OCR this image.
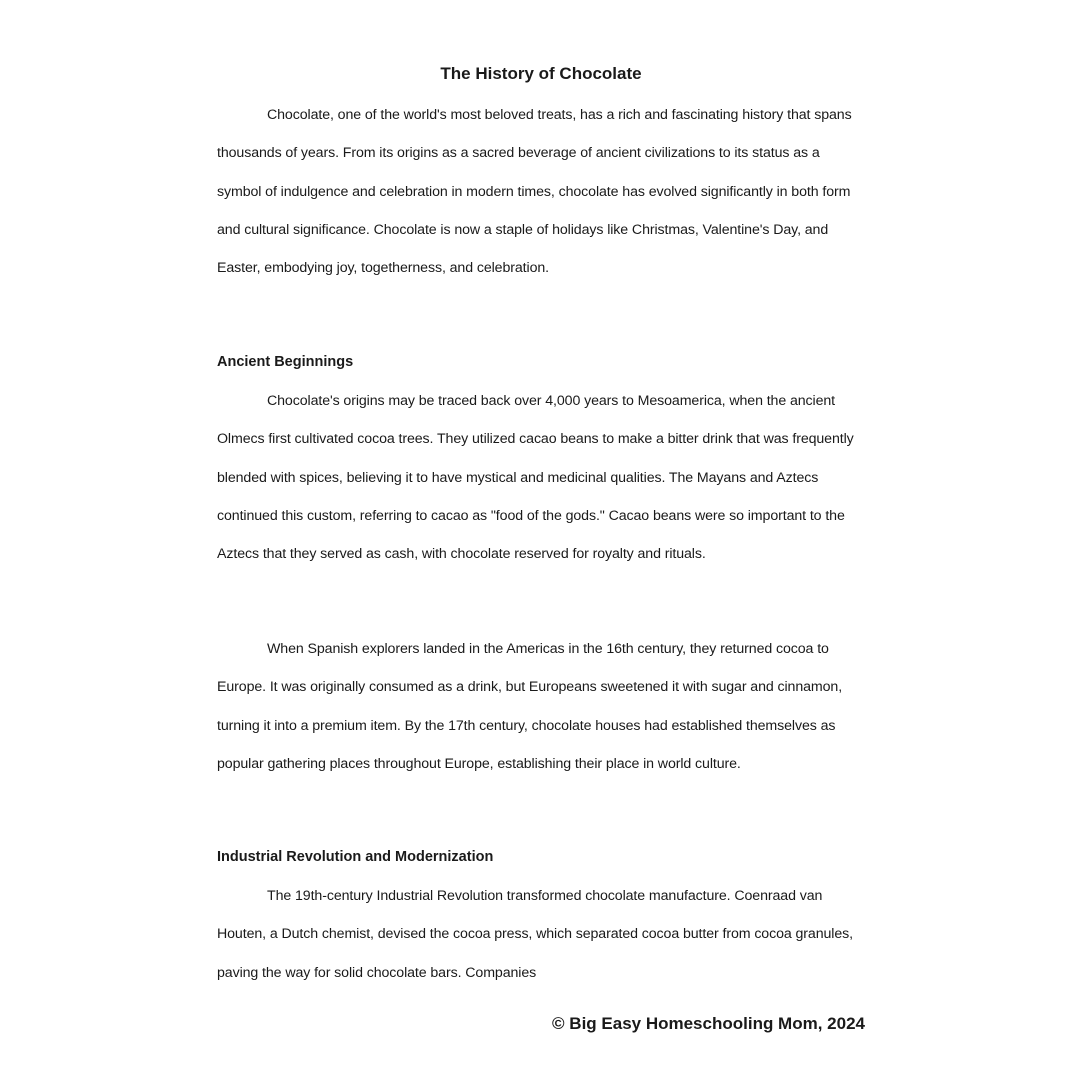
The History of Chocolate

Chocolate, one of the world's most beloved treats, has a rich and fascinating history that spans thousands of years. From its origins as a sacred beverage of ancient civilizations to its status as a symbol of indulgence and celebration in modern times, chocolate has evolved significantly in both form and cultural significance. Chocolate is now a staple of holidays like Christmas, Valentine's Day, and Easter, embodying joy, togetherness, and celebration.

Ancient Beginnings

Chocolate's origins may be traced back over 4,000 years to Mesoamerica, when the ancient Olmecs first cultivated cocoa trees. They utilized cacao beans to make a bitter drink that was frequently blended with spices, believing it to have mystical and medicinal qualities. The Mayans and Aztecs continued this custom, referring to cacao as "food of the gods." Cacao beans were so important to the Aztecs that they served as cash, with chocolate reserved for royalty and rituals.

When Spanish explorers landed in the Americas in the 16th century, they returned cocoa to Europe. It was originally consumed as a drink, but Europeans sweetened it with sugar and cinnamon, turning it into a premium item. By the 17th century, chocolate houses had established themselves as popular gathering places throughout Europe, establishing their place in world culture.

Industrial Revolution and Modernization

The 19th-century Industrial Revolution transformed chocolate manufacture. Coenraad van Houten, a Dutch chemist, devised the cocoa press, which separated cocoa butter from cocoa granules, paving the way for solid chocolate bars. Companies

© Big Easy Homeschooling Mom, 2024
